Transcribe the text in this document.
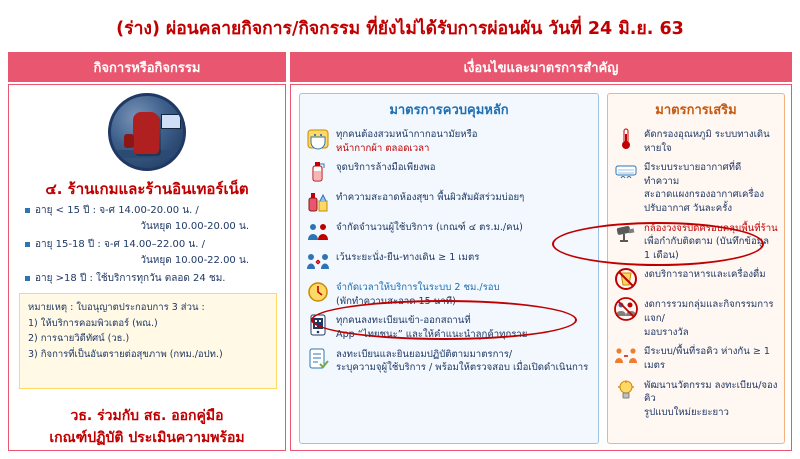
(ร่าง) ผ่อนคลายกิจการ/กิจกรรม ที่ยังไม่ได้รับการผ่อนผัน วันที่ 24 มิ.ย. 63
กิจการหรือกิจกรรม	เงื่อนไขและมาตรการสำคัญ
๔. ร้านเกมและร้านอินเทอร์เน็ต
อายุ < 15 ปี : จ-ศ 14.00-20.00 น. /
วันหยุด 10.00-20.00 น.
อายุ 15-18 ปี : จ-ศ 14.00–22.00 น. /
วันหยุด 10.00-22.00 น.
อายุ >18 ปี : ใช้บริการทุกวัน ตลอด 24 ชม.
หมายเหตุ : ใบอนุญาตประกอบการ 3 ส่วน :
1) ให้บริการคอมพิวเตอร์ (พณ.)
2) การฉายวิดีทัศน์ (วธ.)
3) กิจการที่เป็นอันตรายต่อสุขภาพ (กทม./อปท.)
วธ. ร่วมกับ สธ. ออกคู่มือ
เกณฑ์ปฏิบัติ ประเมินความพร้อม
มาตรการควบคุมหลัก
ทุกคนต้องสวมหน้ากากอนามัยหรือ
หน้ากากผ้า ตลอดเวลา
จุดบริการล้างมือเพียงพอ
ทำความสะอาดห้องสุขา พื้นผิวสัมผัสร่วมบ่อยๆ
จำกัดจำนวนผู้ใช้บริการ (เกณฑ์ ๔ ตร.ม./คน)
เว้นระยะนั่ง-ยืน-ทางเดิน ≥ 1 เมตร
จำกัดเวลาให้บริการในระบบ 2 ชม./รอบ
(พักทำความสะอาด 15 นาที)
ทุกคนลงทะเบียนเข้า-ออกสถานที่
App “ไทยชนะ” และให้คำแนะนำลูกค้าทุกราย
ลงทะเบียนและยินยอมปฏิบัติตามมาตรการ/
ระบุความจุผู้ใช้บริการ / พร้อมให้ตรวจสอบ เมื่อเปิดดำเนินการ
มาตรการเสริม
คัดกรองอุณหภูมิ ระบบทางเดินหายใจ
มีระบบระบายอากาศที่ดี ทำความ
สะอาดแผงกรองอากาศเครื่องปรับอากาศ วันละครั้ง
กล้องวงจรปิดครอบคลุมพื้นที่ร้าน
เพื่อกำกับติดตาม (บันทึกข้อมูล 1 เดือน)
งดบริการอาหารและเครื่องดื่ม
งดการรวมกลุ่มและกิจกรรมการแจก/
มอบรางวัล
มีระบบ/พื้นที่รอคิว ห่างกัน ≥ 1 เมตร
พัฒนานวัตกรรม ลงทะเบียน/จองคิว
รูปแบบใหม่ยะยะยาว
